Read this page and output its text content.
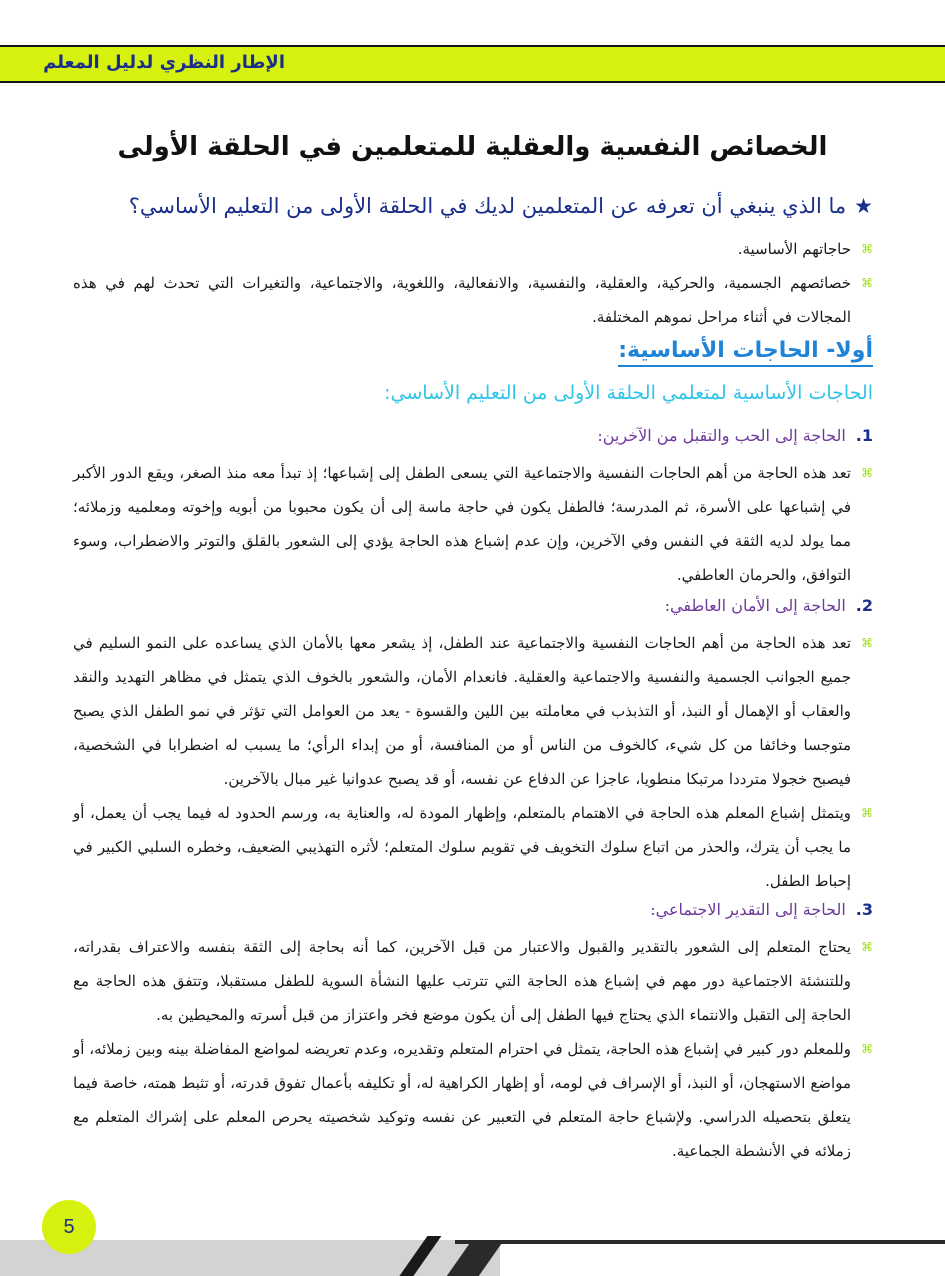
الإطار النظري لدليل المعلم
الخصائص النفسية والعقلية للمتعلمين في الحلقة الأولى
★ما الذي ينبغي أن تعرفه عن المتعلمين لديك في الحلقة الأولى من التعليم الأساسي؟
⌘
حاجاتهم الأساسية.
⌘
خصائصهم الجسمية، والحركية، والعقلية، والنفسية، والانفعالية، واللغوية، والاجتماعية، والتغيرات التي تحدث لهم في هذه المجالات في أثناء مراحل نموهم المختلفة.
أولا- الحاجات الأساسية:
الحاجات الأساسية لمتعلمي الحلقة الأولى من التعليم الأساسي:
1.الحاجة إلى الحب والتقبل من الآخرين:
⌘
تعد هذه الحاجة من أهم الحاجات النفسية والاجتماعية التي يسعى الطفل إلى إشباعها؛ إذ تبدأ معه منذ الصغر، ويقع الدور الأكبر في إشباعها على الأسرة، ثم المدرسة؛ فالطفل يكون في حاجة ماسة إلى أن يكون محبوبا من أبويه وإخوته ومعلميه وزملائه؛ مما يولد لديه الثقة في النفس وفي الآخرين، وإن عدم إشباع هذه الحاجة يؤدي إلى الشعور بالقلق والتوتر والاضطراب، وسوء التوافق، والحرمان العاطفي.
2.الحاجة إلى الأمان العاطفي:
⌘
تعد هذه الحاجة من أهم الحاجات النفسية والاجتماعية عند الطفل، إذ يشعر معها بالأمان الذي يساعده على النمو السليم في جميع الجوانب الجسمية والنفسية والاجتماعية والعقلية. فانعدام الأمان، والشعور بالخوف الذي يتمثل في مظاهر التهديد والنقد والعقاب أو الإهمال أو النبذ، أو التذبذب في معاملته بين اللين والقسوة - يعد من العوامل التي تؤثر في نمو الطفل الذي يصبح متوجسا وخائفا من كل شيء، كالخوف من الناس أو من المنافسة، أو من إبداء الرأي؛ ما يسبب له اضطرابا في الشخصية، فيصبح خجولا مترددا مرتبكا منطويا، عاجزا عن الدفاع عن نفسه، أو قد يصبح عدوانيا غير مبال بالآخرين.
⌘
ويتمثل إشباع المعلم هذه الحاجة في الاهتمام بالمتعلم، وإظهار المودة له، والعناية به، ورسم الحدود له فيما يجب أن يعمل، أو ما يجب أن يترك، والحذر من اتباع سلوك التخويف في تقويم سلوك المتعلم؛ لأثره التهذيبي الضعيف، وخطره السلبي الكبير في إحباط الطفل.
3.الحاجة إلى التقدير الاجتماعي:
⌘
يحتاج المتعلم إلى الشعور بالتقدير والقبول والاعتبار من قبل الآخرين، كما أنه بحاجة إلى الثقة بنفسه والاعتراف بقدراته، وللتنشئة الاجتماعية دور مهم في إشباع هذه الحاجة التي تترتب عليها النشأة السوية للطفل مستقبلا، وتتفق هذه الحاجة مع الحاجة إلى التقبل والانتماء الذي يحتاج فيها الطفل إلى أن يكون موضع فخر واعتزاز من قبل أسرته والمحيطين به.
⌘
وللمعلم دور كبير في إشباع هذه الحاجة، يتمثل في احترام المتعلم وتقديره، وعدم تعريضه لمواضع المفاضلة بينه وبين زملائه، أو مواضع الاستهجان، أو النبذ، أو الإسراف في لومه، أو إظهار الكراهية له، أو تكليفه بأعمال تفوق قدرته، أو تثبط همته، خاصة فيما يتعلق بتحصيله الدراسي. ولإشباع حاجة المتعلم في التعبير عن نفسه وتوكيد شخصيته يحرص المعلم على إشراك المتعلم مع زملائه في الأنشطة الجماعية.
5
